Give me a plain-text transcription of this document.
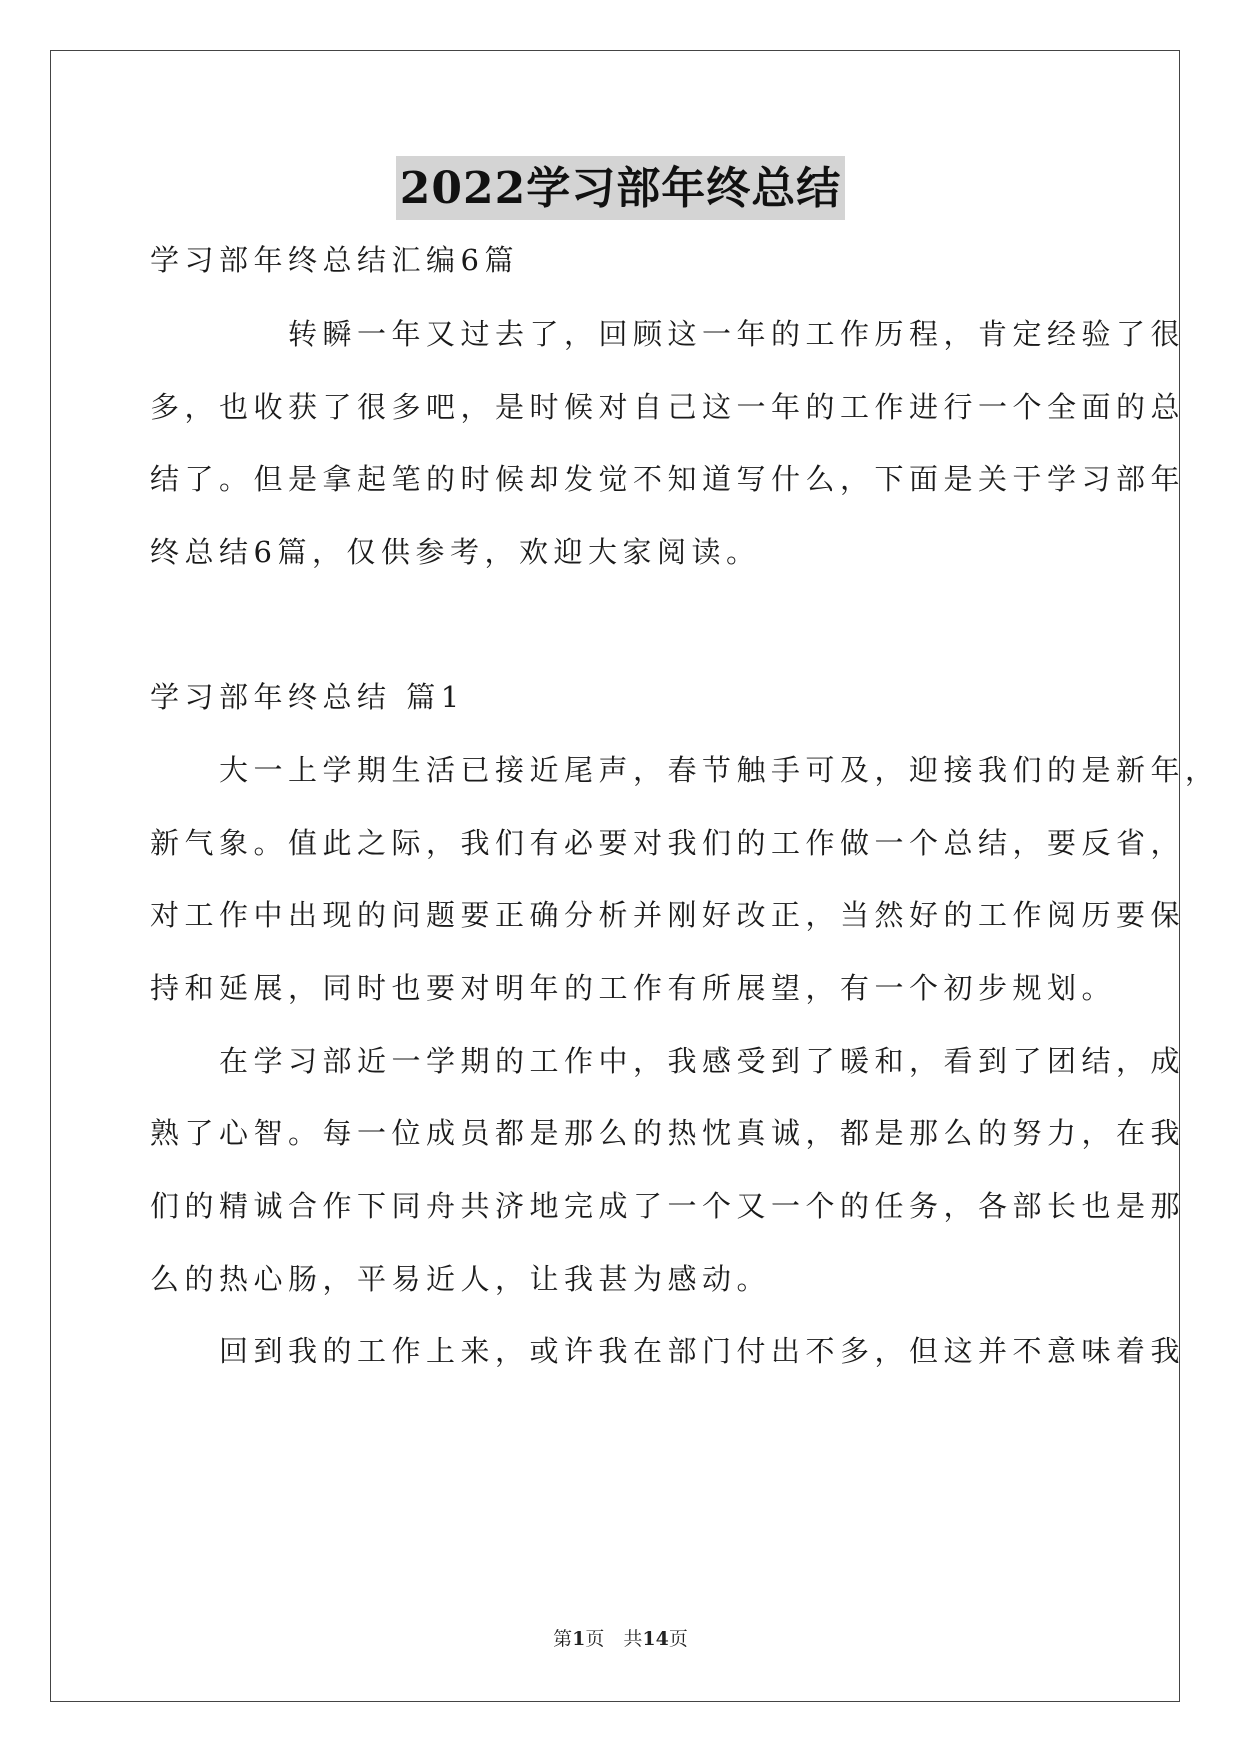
2022学习部年终总结
学习部年终总结汇编6篇
　　　　转瞬一年又过去了，回顾这一年的工作历程，肯定经验了很
多，也收获了很多吧，是时候对自己这一年的工作进行一个全面的总
结了。但是拿起笔的时候却发觉不知道写什么，下面是关于学习部年
终总结6篇，仅供参考，欢迎大家阅读。
学习部年终总结 篇1
　　大一上学期生活已接近尾声，春节触手可及，迎接我们的是新年，
新气象。值此之际，我们有必要对我们的工作做一个总结，要反省，
对工作中出现的问题要正确分析并刚好改正，当然好的工作阅历要保
持和延展，同时也要对明年的工作有所展望，有一个初步规划。
　　在学习部近一学期的工作中，我感受到了暖和，看到了团结，成
熟了心智。每一位成员都是那么的热忱真诚，都是那么的努力，在我
们的精诚合作下同舟共济地完成了一个又一个的任务，各部长也是那
么的热心肠，平易近人，让我甚为感动。
　　回到我的工作上来，或许我在部门付出不多，但这并不意味着我
第1页　共14页
